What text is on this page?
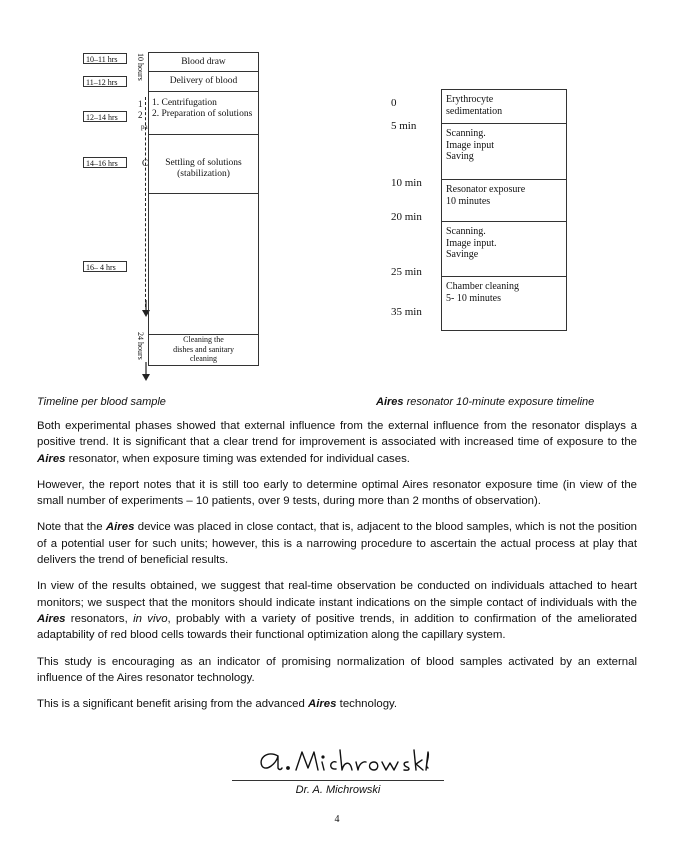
10–11 hrs
11–12 hrs
12–14 hrs
14–16 hrs
16– 4 hrs
10 hours
24 hours
1
2
pa
C
Blood draw
Delivery of blood
1. Centrifugation
2. Preparation of solutions
Settling of solutions
(stabilization)
Cleaning the
dishes and sanitary
cleaning
0
5 min
10 min
20 min
25 min
35 min
Erythrocyte
sedimentation
Scanning.
Image input
Saving
Resonator exposure
10 minutes
Scanning.
Image input.
Savinge
Chamber cleaning
5- 10 minutes
Timeline per blood sample	Aires resonator 10-minute exposure timeline

Both experimental phases showed that external influence from the external influence from the resonator displays a positive trend. It is significant that a clear trend for improvement is associated with increased time of exposure to the Aires resonator, when exposure timing was extended for individual cases.

However, the report notes that it is still too early to determine optimal Aires resonator exposure time (in view of the small number of experiments – 10 patients, over 9 tests, during more than 2 months of observation).

Note that the Aires device was placed in close contact, that is, adjacent to the blood samples, which is not the position of a potential user for such units; however, this is a narrowing procedure to ascertain the actual process at play that delivers the trend of beneficial results.

In view of the results obtained, we suggest that real-time observation be conducted on individuals attached to heart monitors; we suspect that the monitors should indicate instant indications on the simple contact of individuals with the Aires resonators, in vivo, probably with a variety of positive trends, in addition to confirmation of the ameliorated adaptability of red blood cells towards their functional optimization along the capillary system.

This study is encouraging as an indicator of promising normalization of blood samples activated by an external influence of the Aires resonator technology.

This is a significant benefit arising from the advanced Aires technology.

Dr. A. Michrowski
4
